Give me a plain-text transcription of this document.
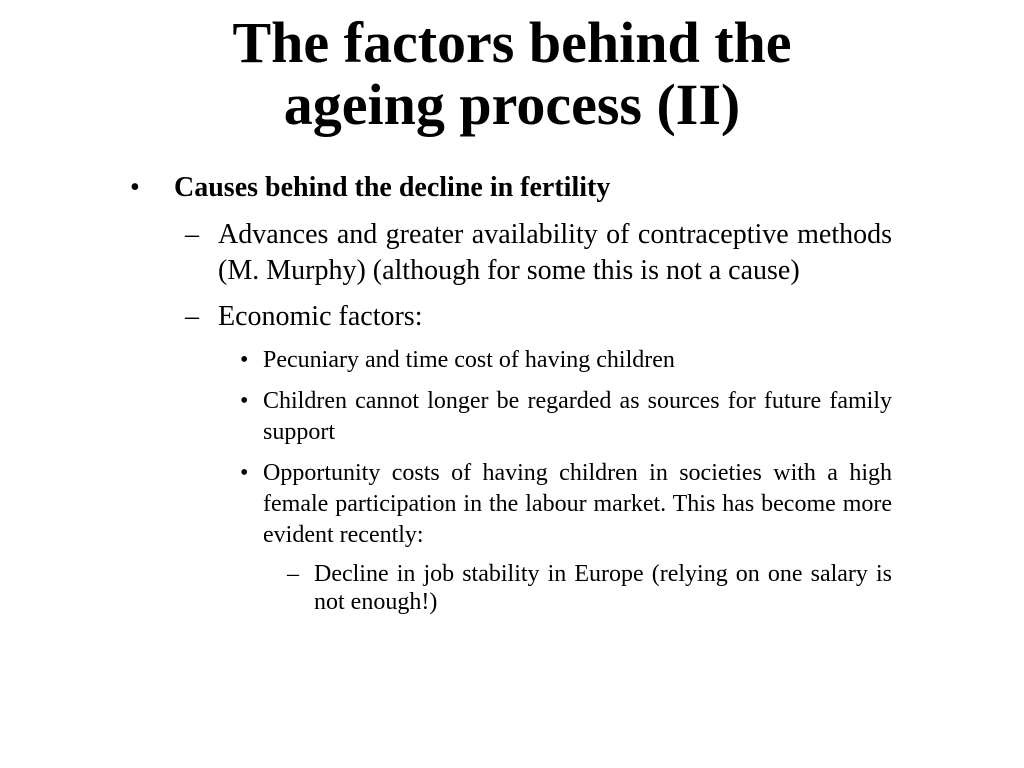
The factors behind the
ageing process (II)
•	Causes behind the decline in fertility
– Advances and greater availability of contraceptive methods (M. Murphy) (although for some this is not a cause)
– Economic factors:
• Pecuniary and time cost of having children
• Children cannot longer be regarded as sources for future family support
• Opportunity costs of having children in societies with a high female participation in the labour market. This has become more evident recently:
– Decline in job stability in Europe (relying on one salary is not enough!)
